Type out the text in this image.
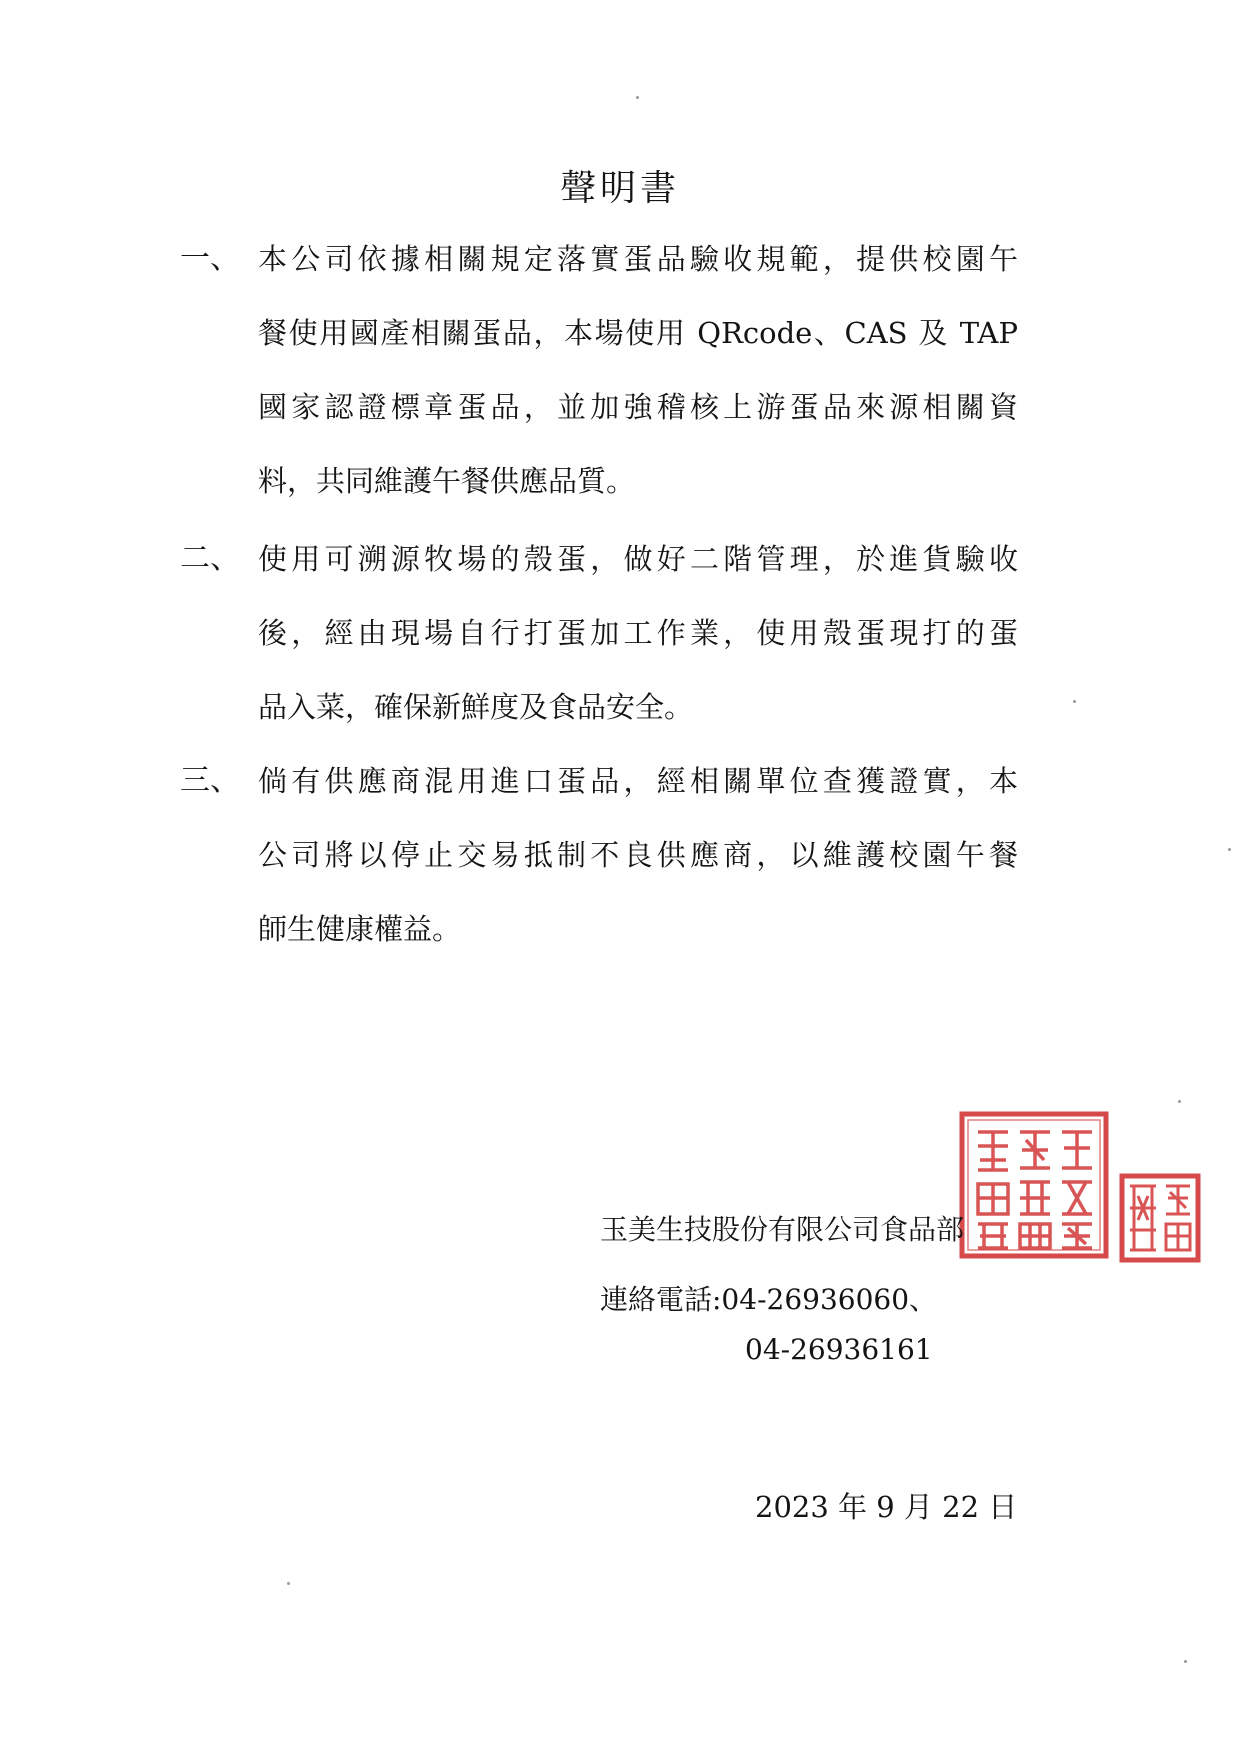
聲明書
一、 本公司依據相關規定落實蛋品驗收規範，提供校園午
餐使用國產相關蛋品，本場使用 QRcode、CAS 及 TAP
國家認證標章蛋品，並加強稽核上游蛋品來源相關資
料，共同維護午餐供應品質。
二、 使用可溯源牧場的殼蛋，做好二階管理，於進貨驗收
後，經由現場自行打蛋加工作業，使用殼蛋現打的蛋
品入菜，確保新鮮度及食品安全。
三、 倘有供應商混用進口蛋品，經相關單位查獲證實，本
公司將以停止交易抵制不良供應商，以維護校園午餐
師生健康權益。
玉美生技股份有限公司食品部
連絡電話:04-26936060、
04-26936161
2023 年 9 月 22 日
